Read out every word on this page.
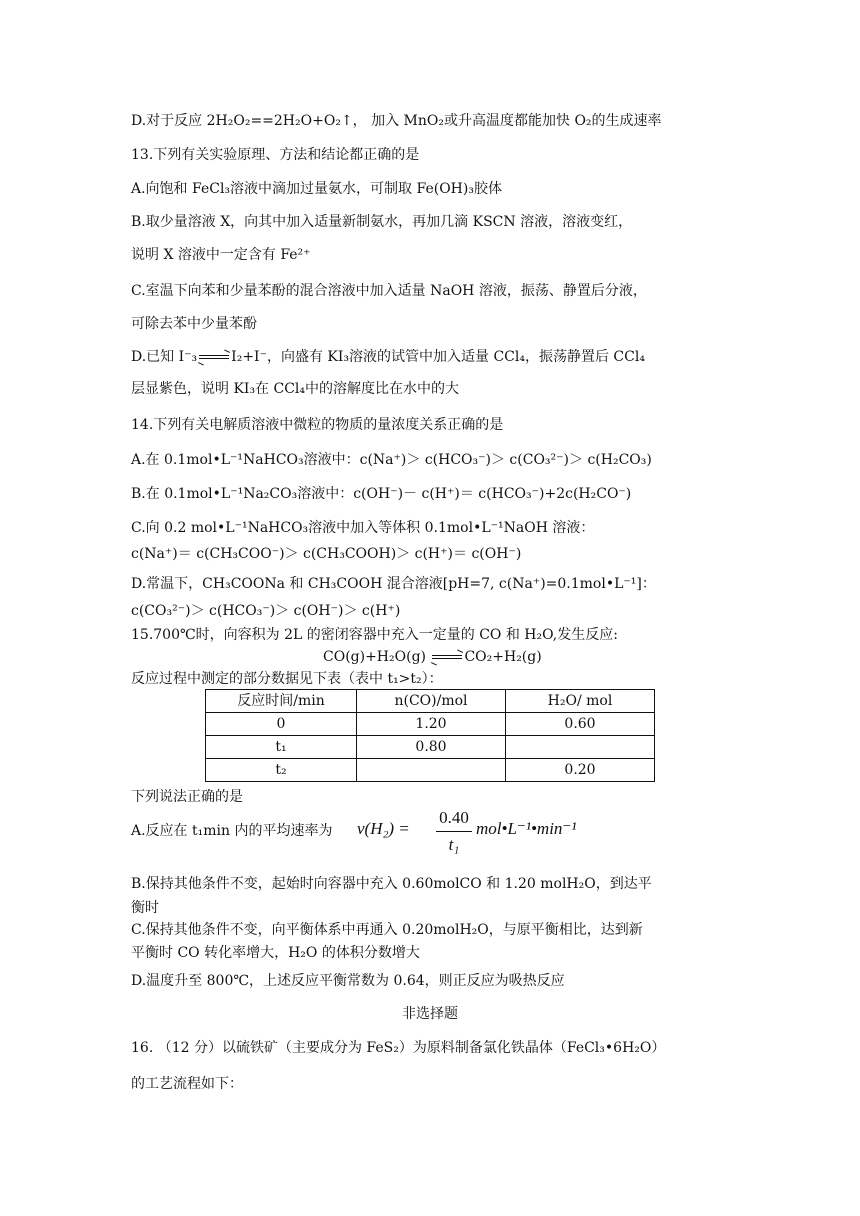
D.对于反应 2H₂O₂==2H₂O+O₂↑， 加入 MnO₂或升高温度都能加快 O₂的生成速率
13.下列有关实验原理、方法和结论都正确的是
A.向饱和 FeCl₃溶液中滴加过量氨水，可制取 Fe(OH)₃胶体
B.取少量溶液 X，向其中加入适量新制氨水，再加几滴 KSCN 溶液，溶液变红，
说明 X 溶液中一定含有 Fe²⁺
C.室温下向苯和少量苯酚的混合溶液中加入适量 NaOH 溶液，振荡、静置后分液，
可除去苯中少量苯酚
D.已知 I⁻₃→I₂+I⁻，向盛有 KI₃溶液的试管中加入适量 CCl₄，振荡静置后 CCl₄
层显紫色，说明 KI₃在 CCl₄中的溶解度比在水中的大
14.下列有关电解质溶液中微粒的物质的量浓度关系正确的是
A.在 0.1mol•L⁻¹NaHCO₃溶液中：c(Na⁺)＞ c(HCO₃⁻)＞ c(CO₃²⁻)＞ c(H₂CO₃)
B.在 0.1mol•L⁻¹Na₂CO₃溶液中：c(OH⁻)－ c(H⁺)＝ c(HCO₃⁻)+2c(H₂CO⁻)
C.向 0.2 mol•L⁻¹NaHCO₃溶液中加入等体积 0.1mol•L⁻¹NaOH 溶液：
c(Na⁺)＝ c(CH₃COO⁻)＞ c(CH₃COOH)＞ c(H⁺)＝ c(OH⁻)
D.常温下，CH₃COONa 和 CH₃COOH 混合溶液[pH=7, c(Na⁺)=0.1mol•L⁻¹]：
c(CO₃²⁻)＞ c(HCO₃⁻)＞ c(OH⁻)＞ c(H⁺)
15.700℃时，向容积为 2L 的密闭容器中充入一定量的 CO 和 H₂O,发生反应:
CO(g)+H₂O(g) →CO₂+H₂(g)
反应过程中测定的部分数据见下表（表中 t₁>t₂）：
反应时间/min	n(CO)/mol	H₂O/ mol
0	1.20	0.60
t₁	0.80	
t₂		0.20
下列说法正确的是
A.反应在 t₁min 内的平均速率为 v(H₂) =
0.40
t₁
mol•L⁻¹•min⁻¹
B.保持其他条件不变，起始时向容器中充入 0.60molCO 和 1.20 molH₂O，到达平
衡时
C.保持其他条件不变，向平衡体系中再通入 0.20molH₂O，与原平衡相比，达到新
平衡时 CO 转化率增大，H₂O 的体积分数增大
D.温度升至 800℃，上述反应平衡常数为 0.64，则正反应为吸热反应
非选择题
16. （12 分）以硫铁矿（主要成分为 FeS₂）为原料制备氯化铁晶体（FeCl₃•6H₂O）
的工艺流程如下：
